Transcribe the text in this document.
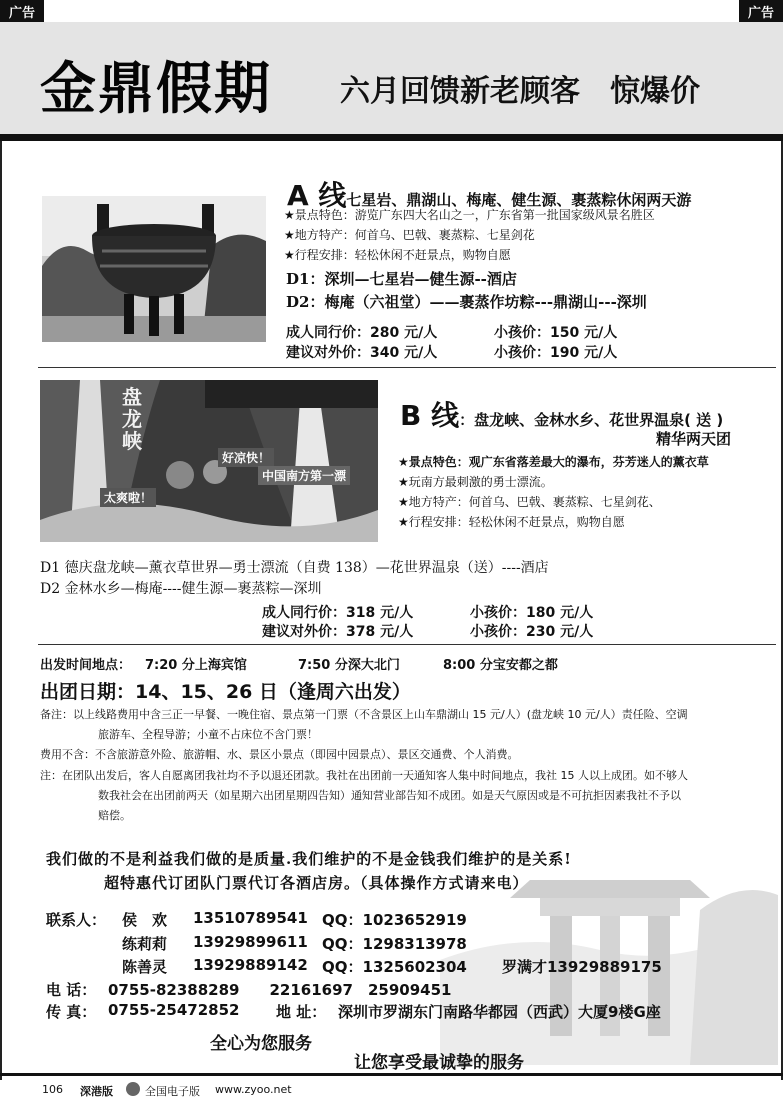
广告	广告
金鼎假期 六月回馈新老顾客　惊爆价
A 线七星岩、鼎湖山、梅庵、健生源、裹蒸粽休闲两天游
★景点特色：游览广东四大名山之一，广东省第一批国家级风景名胜区
★地方特产：何首乌、巴戟、裹蒸粽、七星剑花
★行程安排：轻松休闲不赶景点，购物自愿
D1：深圳—七星岩—健生源--酒店
D2：梅庵（六祖堂）——裹蒸作坊粽---鼎湖山---深圳
成人同行价：280 元/人	小孩价：150 元/人
建议对外价：340 元/人	小孩价：190 元/人
盘龙峡
好凉快！
太爽啦！
中国南方第一漂
B 线：盘龙峡、金林水乡、花世界温泉( 送 )
精华两天团
★景点特色：观广东省落差最大的瀑布，芬芳迷人的薰衣草
★玩南方最刺激的勇士漂流。
★地方特产：何首乌、巴戟、裹蒸粽、七星剑花、
★行程安排：轻松休闲不赶景点，购物自愿
D1 德庆盘龙峡—薰衣草世界—勇士漂流（自费 138）—花世界温泉（送）----酒店
D2 金林水乡—梅庵----健生源—裹蒸粽—深圳
成人同行价：318 元/人	小孩价：180 元/人
建议对外价：378 元/人	小孩价：230 元/人
出发时间地点： 7:20 分上海宾馆	7:50 分深大北门	8:00 分宝安都之都
出团日期：14、15、26 日（逢周六出发）
备注：以上线路费用中含三正一早餐、一晚住宿、景点第一门票（不含景区上山车鼎湖山 15 元/人）(盘龙峡 10 元/人）责任险、空调
旅游车、全程导游；小童不占床位不含门票！
费用不含：不含旅游意外险、旅游帽、水、景区小景点（即园中园景点）、景区交通费、个人消费。
注：在团队出发后，客人自愿离团我社均不予以退还团款。我社在出团前一天通知客人集中时间地点，我社 15 人以上成团。如不够人
数我社会在出团前两天（如星期六出团星期四告知）通知营业部告知不成团。如是天气原因或是不可抗拒因素我社不予以
赔偿。
我们做的不是利益我们做的是质量.我们维护的不是金钱我们维护的是关系!
超特惠代订团队门票代订各酒店房。（具体操作方式请来电）
联系人： 侯　欢 13510789541 QQ：1023652919
练莉莉 13929899611 QQ：1298313978
陈善灵 13929889142 QQ：1325602304 罗满才13929889175
电 话： 0755-82388289　　22161697　25909451
传 真： 0755-25472852 地 址： 深圳市罗湖东门南路华都园（西武）大厦9楼G座
全心为您服务
让您享受最诚挚的服务
106 深港版	全国电子版 www.zyoo.net
